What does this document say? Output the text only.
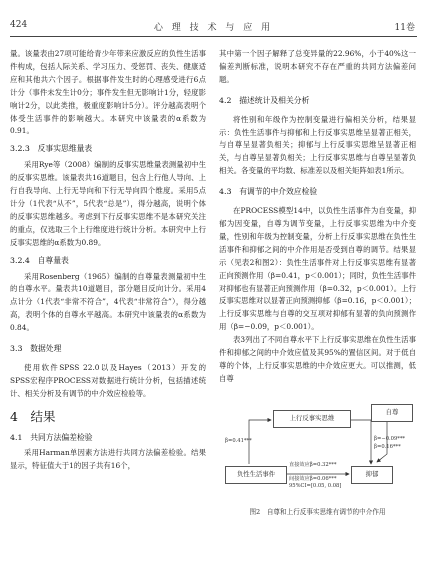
424	心 理 技 术 与 应 用	11卷

量。该量表由27项可能给青少年带来应激反应的负性生活事件构成，包括人际关系、学习压力、受惩罚、丧失、健康适应和其他共六个因子。根据事件发生时的心理感受进行6点计分（事件未发生计0分；事件发生但无影响计1分，轻度影响计2分，以此类推，极重度影响计5分）。评分越高表明个体受生活事件的影响越大。本研究中该量表的α系数为0.91。

3.2.3　反事实思维量表

采用Rye等（2008）编制的反事实思维量表测量初中生的反事实思维。该量表共16道题目，包含上行他人导向、上行自我导向、上行无导向和下行无导向四个维度。采用5点计分（1代表“从不”，5代表“总是”），得分越高，说明个体的反事实思维越多。考虑到下行反事实思维不是本研究关注的重点，仅选取三个上行维度进行统计分析。本研究中上行反事实思维的α系数为0.89。

3.2.4　自尊量表

采用Rosenberg（1965）编制的自尊量表测量初中生的自尊水平。量表共10道题目，部分题目反向计分。采用4点计分（1代表“非常不符合”，4代表“非常符合”），得分越高，表明个体的自尊水平越高。本研究中该量表的α系数为0.84。

3.3　数据处理

使用软件SPSS 22.0以及Hayes（2013）开发的SPSS宏程序PROCESS对数据进行统计分析，包括描述统计、相关分析及有调节的中介效应检验等。

4　结果
4.1　共同方法偏差检验

采用Harman单因素方法进行共同方法偏差检验。结果显示，特征值大于1的因子共有16个，

其中第一个因子解释了总变异量的22.96%，小于40%这一偏差判断标准，说明本研究不存在严重的共同方法偏差问题。

4.2　描述统计及相关分析

将性别和年级作为控制变量进行偏相关分析，结果显示：负性生活事件与抑郁和上行反事实思维呈显著正相关，与自尊呈显著负相关；抑郁与上行反事实思维呈显著正相关，与自尊呈显著负相关；上行反事实思维与自尊呈显著负相关。各变量的平均数、标准差以及相关矩阵如表1所示。

4.3　有调节的中介效应检验

在PROCESS模型14中，以负性生活事件为自变量，抑郁为因变量，自尊为调节变量，上行反事实思维为中介变量，性别和年级为控制变量，分析上行反事实思维在负性生活事件和抑郁之间的中介作用是否受到自尊的调节。结果显示（见表2和图2）：负性生活事件对上行反事实思维有显著正向预测作用（β=0.41，p＜0.001）；同时，负性生活事件对抑郁也有显著正向预测作用（β=0.32，p＜0.001）。上行反事实思维对以显著正向预测抑郁（β=0.16，p＜0.001）；上行反事实思维与自尊的交互项对抑郁有显著的负向预测作用（β=−0.09，p＜0.001）。

表3列出了不同自尊水平下上行反事实思维在负性生活事件和抑郁之间的中介效应值及其95%的置信区间。对于低自尊的个体，上行反事实思维的中介效应更大。可以推测，低自尊

上行反事实思维
自尊
负性生活事件	抑郁
β=0.41***
β=0.16***
β=−0.09***
直接效应β=0.32***
间接效应β=0.06***
95%CI=[0.05, 0.08]
图2　自尊和上行反事实思维有调节的中介作用
